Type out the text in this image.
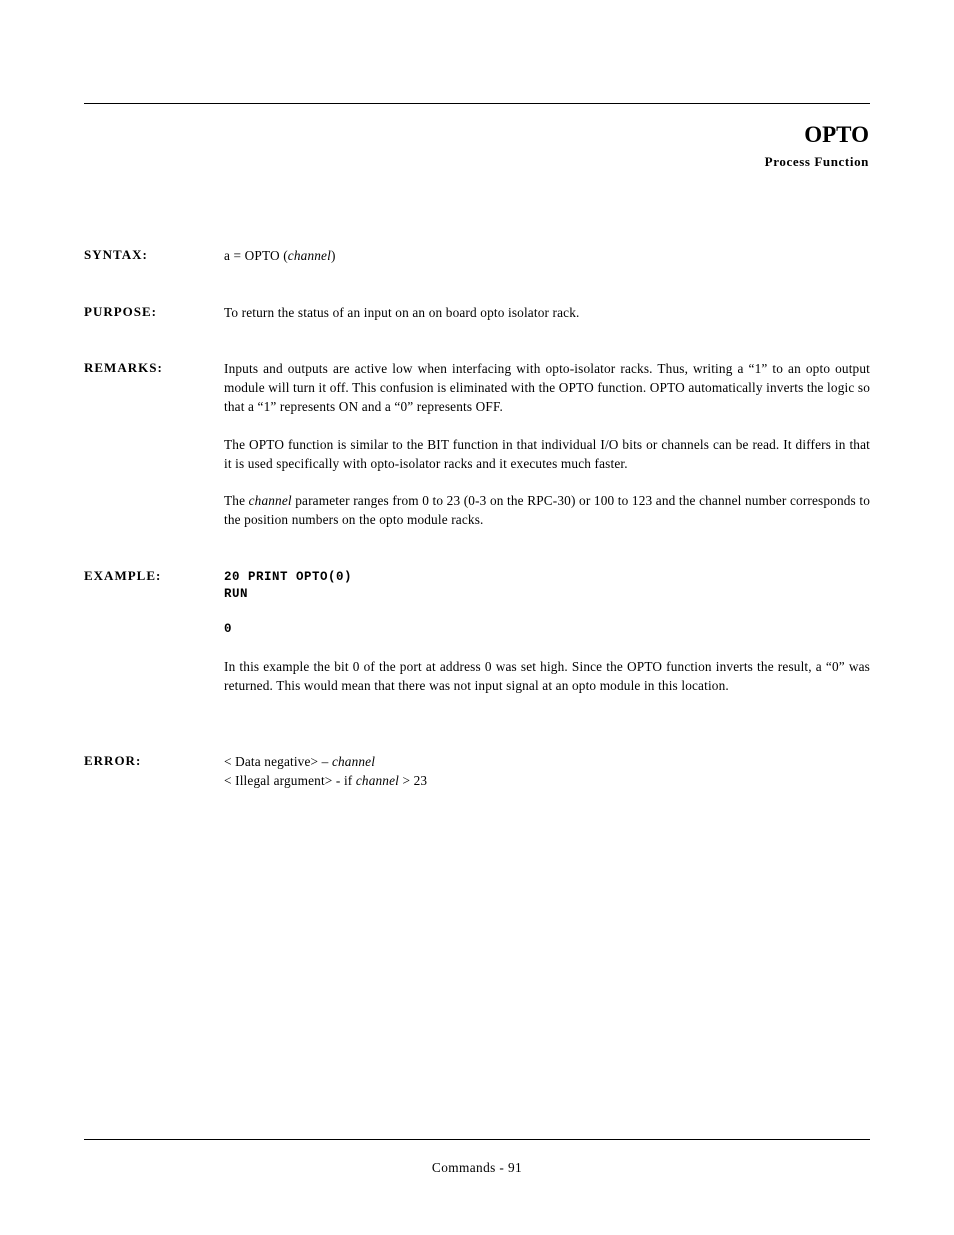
OPTO
Process Function
SYNTAX:	a = OPTO (channel)
PURPOSE:	To return the status of an input on an on board opto isolator rack.
REMARKS:	Inputs and outputs are active low when interfacing with opto-isolator racks. Thus, writing a “1” to an opto output module will turn it off. This confusion is eliminated with the OPTO function. OPTO automatically inverts the logic so that a “1” represents ON and a “0” represents OFF.

The OPTO function is similar to the BIT function in that individual I/O bits or channels can be read. It differs in that it is used specifically with opto-isolator racks and it executes much faster.

The channel parameter ranges from 0 to 23 (0-3 on the RPC-30) or 100 to 123 and the channel number corresponds to the position numbers on the opto module racks.

EXAMPLE:	20 PRINT OPTO(0)
RUN
0

In this example the bit 0 of the port at address 0 was set high. Since the OPTO function inverts the result, a “0” was returned. This would mean that there was not input signal at an opto module in this location.

ERROR:	< Data negative> – channel
< Illegal argument> - if channel > 23
Commands - 91
